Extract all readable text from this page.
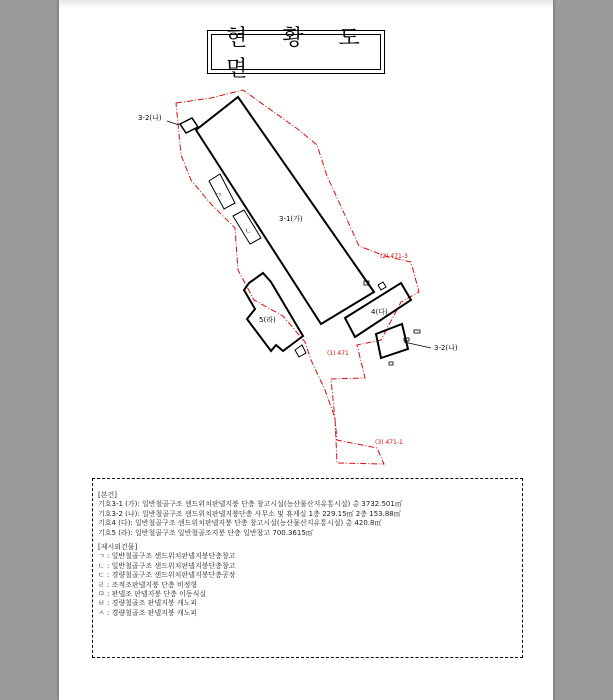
현 황 도 면
3-2(나)
3-1(가)
ㄱ
ㄴ
4(다)
5(라)
3-2(나)
(2) 471-3
(1) 471
(3) 471-1
[본건]
기호3-1 (가): 일반철골구조 샌드위치판넬지붕 단층 창고시설(농산물산지유통시설) 총 3732.501㎡
기호3-2 (나): 일반철골구조 샌드위치판넬지붕단층 사무소 및 휴게실 1층 229.15㎡ 2층 153.88㎡
기호4 (다): 일반철골구조 샌드위치판넬지붕 단층 창고시설(농산물산지유통시설) 총 420.8㎡
기호5 (라): 일반철골구조 일반철골조지붕 단층 일반창고 700.3615㎡
[제시외건물]
ㄱ : 일반철골구조 샌드위치판넬지붕단층창고
ㄴ : 일반철골구조 샌드위치판넬지붕단층창고
ㄷ : 경량철골구조 샌드위치판넬지붕단층공장
ㄹ : 조적조판넬지붕 단층 비정형
ㅁ : 판넬조 판넬지붕 단층 이동식실
ㅂ : 경량철골조 판넬지붕 캐노피
ㅅ : 경량철골조 판넬지붕 캐노피
